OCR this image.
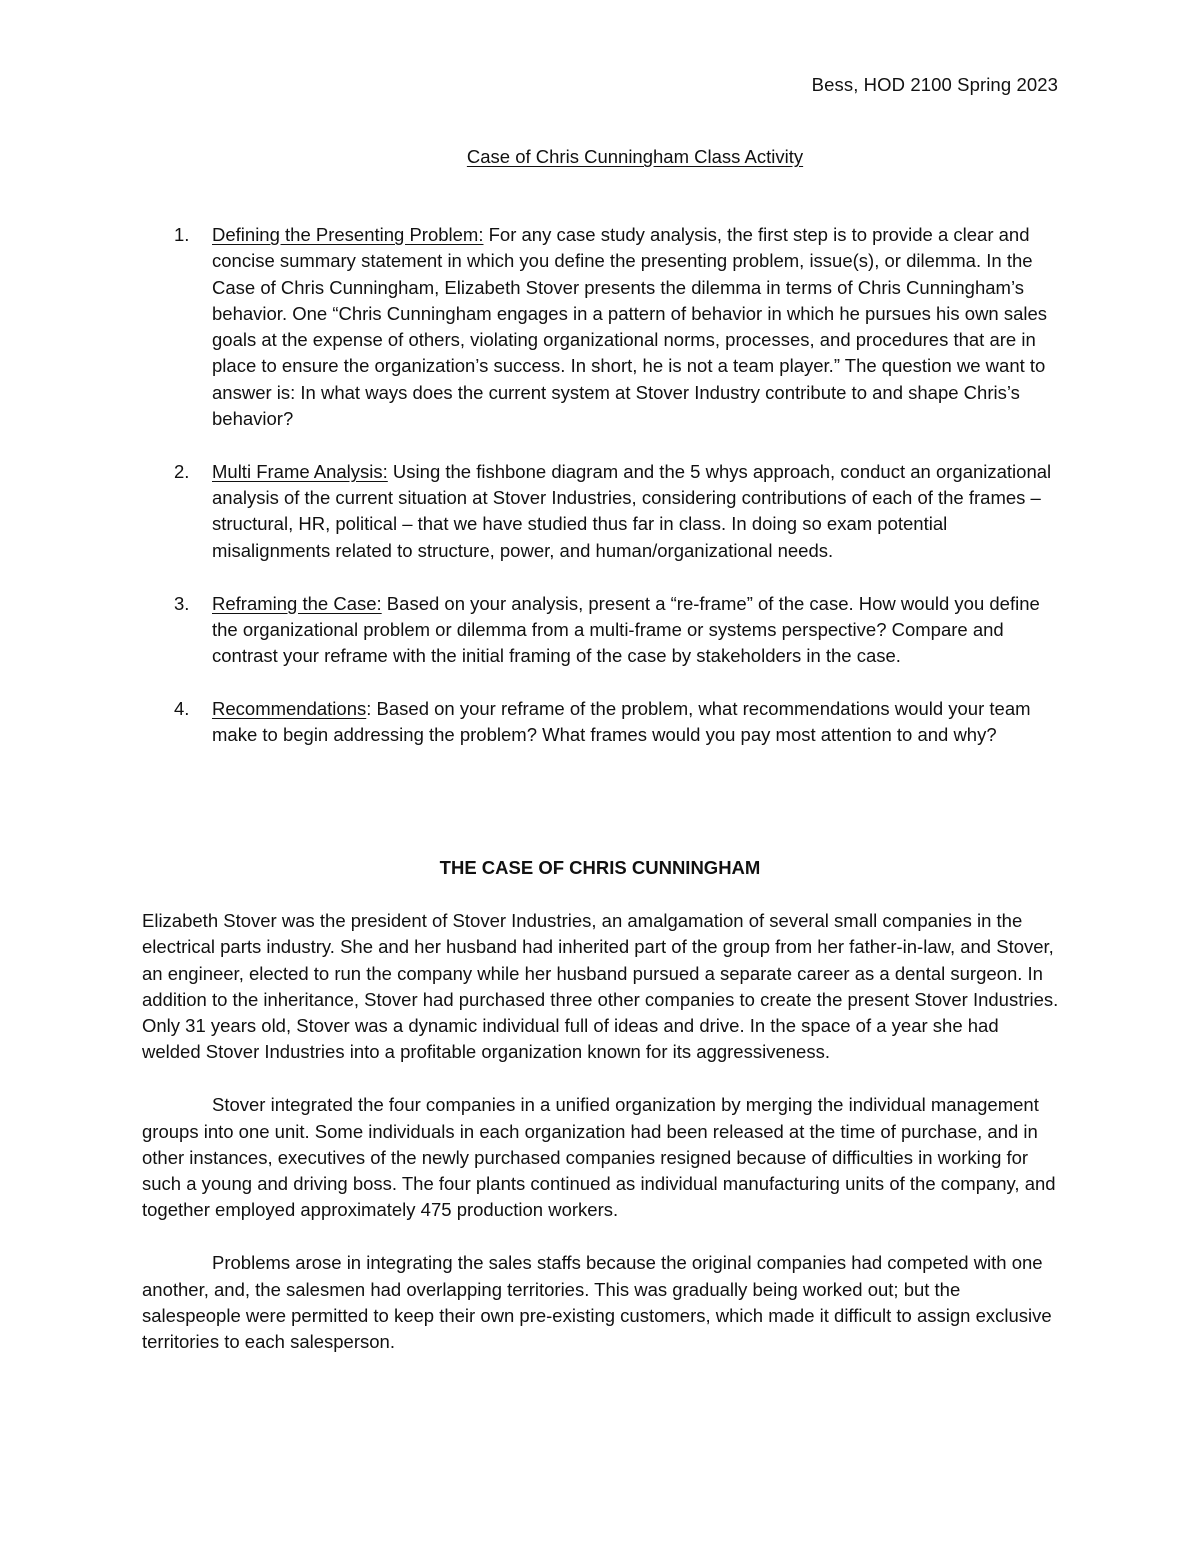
Bess, HOD 2100 Spring 2023
Case of Chris Cunningham Class Activity
1. Defining the Presenting Problem: For any case study analysis, the first step is to provide a clear and concise summary statement in which you define the presenting problem, issue(s), or dilemma. In the Case of Chris Cunningham, Elizabeth Stover presents the dilemma in terms of Chris Cunningham’s behavior. One “Chris Cunningham engages in a pattern of behavior in which he pursues his own sales goals at the expense of others, violating organizational norms, processes, and procedures that are in place to ensure the organization’s success. In short, he is not a team player.” The question we want to answer is: In what ways does the current system at Stover Industry contribute to and shape Chris’s behavior?
2. Multi Frame Analysis: Using the fishbone diagram and the 5 whys approach, conduct an organizational analysis of the current situation at Stover Industries, considering contributions of each of the frames – structural, HR, political – that we have studied thus far in class. In doing so exam potential misalignments related to structure, power, and human/organizational needs.
3. Reframing the Case: Based on your analysis, present a “re-frame” of the case. How would you define the organizational problem or dilemma from a multi-frame or systems perspective? Compare and contrast your reframe with the initial framing of the case by stakeholders in the case.
4. Recommendations: Based on your reframe of the problem, what recommendations would your team make to begin addressing the problem? What frames would you pay most attention to and why?
THE CASE OF CHRIS CUNNINGHAM

Elizabeth Stover was the president of Stover Industries, an amalgamation of several small companies in the electrical parts industry. She and her husband had inherited part of the group from her father-in-law, and Stover, an engineer, elected to run the company while her husband pursued a separate career as a dental surgeon. In addition to the inheritance, Stover had purchased three other companies to create the present Stover Industries. Only 31 years old, Stover was a dynamic individual full of ideas and drive. In the space of a year she had welded Stover Industries into a profitable organization known for its aggressiveness.

Stover integrated the four companies in a unified organization by merging the individual management groups into one unit. Some individuals in each organization had been released at the time of purchase, and in other instances, executives of the newly purchased companies resigned because of difficulties in working for such a young and driving boss. The four plants continued as individual manufacturing units of the company, and together employed approximately 475 production workers.

Problems arose in integrating the sales staffs because the original companies had competed with one another, and, the salesmen had overlapping territories. This was gradually being worked out; but the salespeople were permitted to keep their own pre-existing customers, which made it difficult to assign exclusive territories to each salesperson.
